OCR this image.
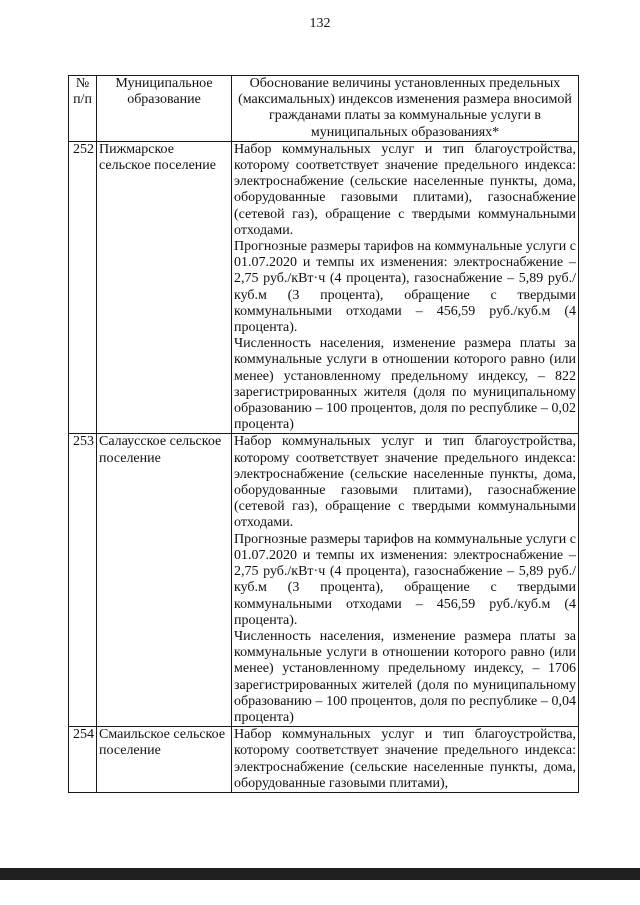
132
№ п/п	Муниципальное образование	Обоснование величины установленных предельных (максимальных) индексов изменения размера вносимой гражданами платы за коммунальные услуги в муниципальных образованиях*
252	Пижмарское сельское поселение	Набор коммунальных услуг и тип благоустройства, которому соответствует значение предельного индекса: электроснабжение (сельские населенные пункты, дома, оборудованные газовыми плитами), газоснабжение (сетевой газ), обращение с твердыми коммунальными отходами.
Прогнозные размеры тарифов на коммунальные услуги с 01.07.2020 и темпы их изменения: электроснабжение – 2,75 руб./кВт·ч (4 процента), газоснабжение – 5,89 руб./куб.м (3 процента), обращение с твердыми коммунальными отходами – 456,59 руб./куб.м (4 процента).
Численность населения, изменение размера платы за коммунальные услуги в отношении которого равно (или менее) установленному предельному индексу, – 822 зарегистрированных жителя (доля по муниципальному образованию – 100 процентов, доля по республике – 0,02 процента)

253	Салаусское сельское поселение	Набор коммунальных услуг и тип благоустройства, которому соответствует значение предельного индекса: электроснабжение (сельские населенные пункты, дома, оборудованные газовыми плитами), газоснабжение (сетевой газ), обращение с твердыми коммунальными отходами.
Прогнозные размеры тарифов на коммунальные услуги с 01.07.2020 и темпы их изменения: электроснабжение – 2,75 руб./кВт·ч (4 процента), газоснабжение – 5,89 руб./куб.м (3 процента), обращение с твердыми коммунальными отходами – 456,59 руб./куб.м (4 процента).
Численность населения, изменение размера платы за коммунальные услуги в отношении которого равно (или менее) установленному предельному индексу, – 1706 зарегистрированных жителей (доля по муниципальному образованию – 100 процентов, доля по республике – 0,04 процента)

254	Смаильское сельское поселение	Набор коммунальных услуг и тип благоустройства, которому соответствует значение предельного индекса: электроснабжение (сельские населенные пункты, дома, оборудованные газовыми плитами),
